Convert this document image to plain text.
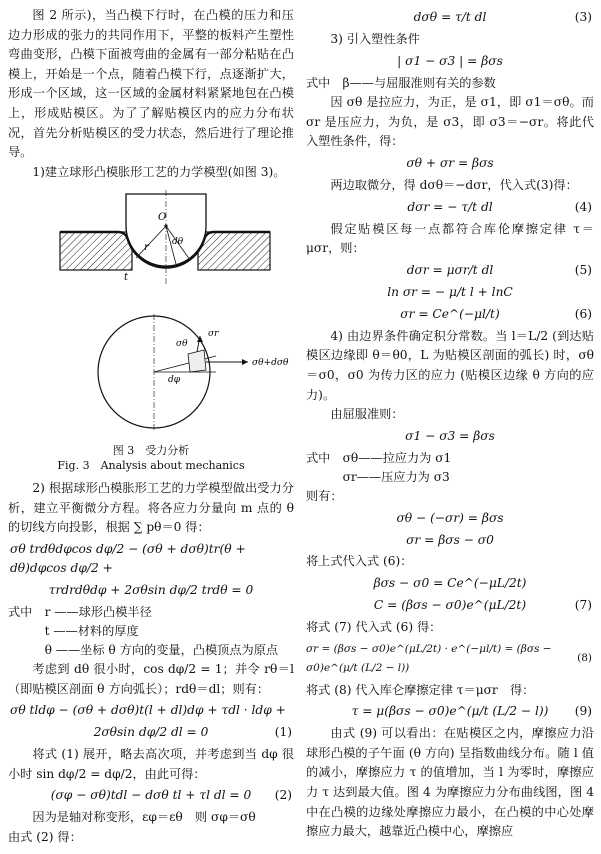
图 2 所示)，当凸模下行时，在凸模的压力和压边力形成的张力的共同作用下，平整的板料产生塑性弯曲变形，凸模下面被弯曲的金属有一部分粘贴在凸模上，开始是一个点，随着凸模下行，点逐渐扩大，形成一个区域，这一区域的金属材料紧紧地包在凸模上，形成贴模区。为了了解贴模区内的应力分布状况，首先分析贴模区的受力状态，然后进行了理论推导。

1)建立球形凸模胀形工艺的力学模型(如图 3)。

O
r	dθ
t
σr
σθ+dσθ
dφ
σθ
图 3　受力分析
Fig. 3　Analysis about mechanics

2) 根据球形凸模胀形工艺的力学模型做出受力分析，建立平衡微分方程。将各应力分量向 m 点的 θ 的切线方向投影，根据 ∑ pθ＝0 得：

σθ trdθdφcos dφ/2 − (σθ + dσθ)tr(θ + dθ)dφcos dφ/2 +
τrdrdθdφ + 2σθsin dφ/2 trdθ = 0
式中　 r ——球形凸模半径
t ——材料的厚度
θ ——坐标 θ 方向的变量，凸模顶点为原点

考虑到 dθ 很小时，cos dφ/2 = 1；并令 rθ＝l（即贴模区剖面 θ 方向弧长）；rdθ＝dl；则有：

σθ tldφ − (σθ + dσθ)t(l + dl)dφ + τdl · ldφ +
2σθsin dφ/2 dl = 0	(1)

将式 (1) 展开，略去高次项，并考虑到当 dφ 很小时 sin dφ/2 = dφ/2，由此可得：

(σφ − σθ)tdl − dσθ tl + τl dl = 0 (2)

因为是轴对称变形，εφ＝εθ　则 σφ＝σθ

由式 (2) 得：

dσθ = τ/t dl	(3)

3) 引入塑性条件

| σ1 − σ3 | = βσs

式中　β——与屈服准则有关的参数

因 σθ 是拉应力，为正，是 σ1，即 σ1＝σθ。而 σr 是压应力，为负，是 σ3，即 σ3＝−σr。将此代入塑性条件，得：

σθ + σr = βσs

两边取微分，得 dσθ＝−dσr，代入式(3)得：

dσr = − τ/t dl	(4)

假定贴模区每一点都符合库伦摩擦定律 τ＝μσr，则：

dσr = μσr/t dl	(5)
ln σr = − μ/t l + lnC
σr = Ce^(−μl/t)	(6)

4) 由边界条件确定积分常数。当 l＝L/2 (到达贴模区边缘即 θ＝θ0，L 为贴模区剖面的弧长) 时，σθ＝σ0，σ0 为传力区的应力 (贴模区边缘 θ 方向的应力)。

由屈服准则：

σ1 − σ3 = βσs
式中　 σθ——拉应力为 σ1
σr——压应力为 σ3

则有：

σθ − (−σr) = βσs
σr = βσs − σ0

将上式代入式 (6)：

βσs − σ0 = Ce^(−μL/2t)
C = (βσs − σ0)e^(μL/2t)	(7)

将式 (7) 代入式 (6) 得：

σr = (βσs − σ0)e^(μL/2t) · e^(−μl/t) = (βσs − σ0)e^(μ/t (L/2 − l))
(8)

将式 (8) 代入库仑摩擦定律 τ＝μσr　得：

τ = μ(βσs − σ0)e^(μ/t (L/2 − l)) (9)

由式 (9) 可以看出：在贴模区之内，摩擦应力沿球形凸模的子午面 (θ 方向) 呈指数曲线分布。随 l 值的减小，摩擦应力 τ 的值增加，当 l 为零时，摩擦应力 τ 达到最大值。图 4 为摩擦应力分布曲线图，图 4 中在凸模的边缘处摩擦应力最小，在凸模的中心处摩擦应力最大，越靠近凸模中心，摩擦应
